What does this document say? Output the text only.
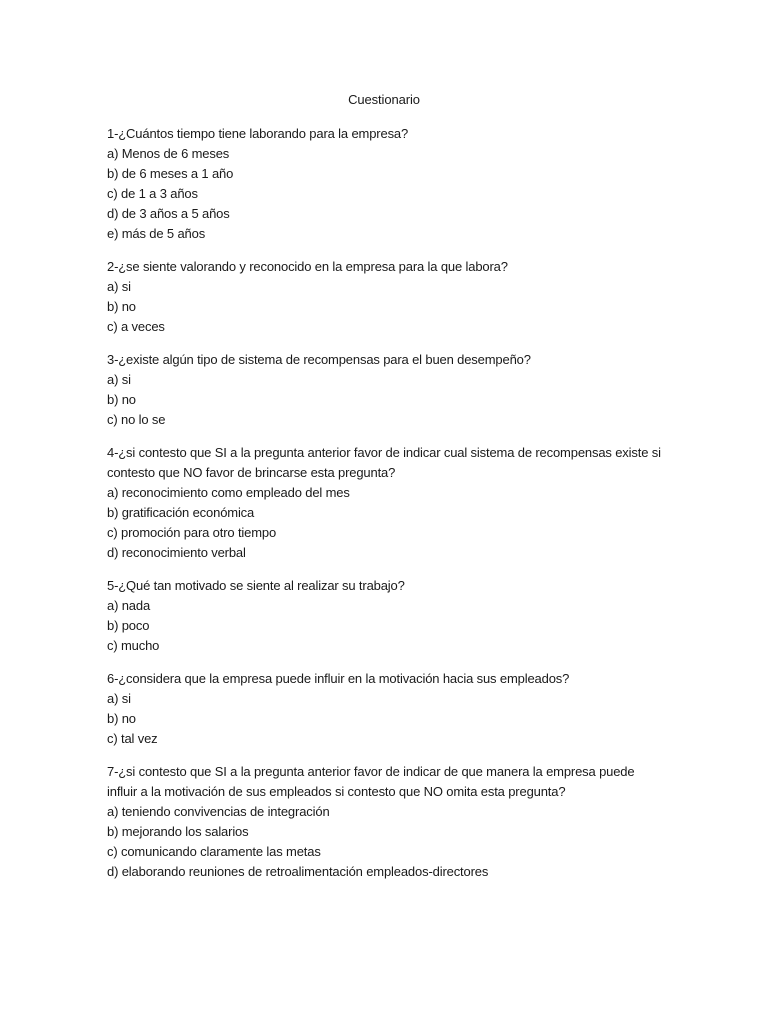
Cuestionario
1-¿Cuántos tiempo tiene laborando para la empresa?
a) Menos de 6 meses
b) de 6 meses a 1 año
c) de 1 a 3 años
d) de 3 años a 5 años
e) más de 5 años
2-¿se siente valorando y reconocido en la empresa para la que labora?
a) si
b) no
c) a veces
3-¿existe algún tipo de sistema de recompensas para el buen desempeño?
a) si
b) no
c) no lo se
4-¿si contesto que SI a la pregunta anterior favor de indicar cual sistema de recompensas existe si
contesto que NO favor de brincarse esta pregunta?
a) reconocimiento como empleado del mes
b) gratificación económica
c) promoción para otro tiempo
d) reconocimiento verbal
5-¿Qué tan motivado se siente al realizar su trabajo?
a) nada
b) poco
c) mucho
6-¿considera que la empresa puede influir en la motivación hacia sus empleados?
a) si
b) no
c) tal vez
7-¿si contesto que SI a la pregunta anterior favor de indicar de que manera la empresa puede
influir a la motivación de sus empleados si contesto que NO omita esta pregunta?
a) teniendo convivencias de integración
b) mejorando los salarios
c) comunicando claramente las metas
d) elaborando reuniones de retroalimentación empleados-directores
